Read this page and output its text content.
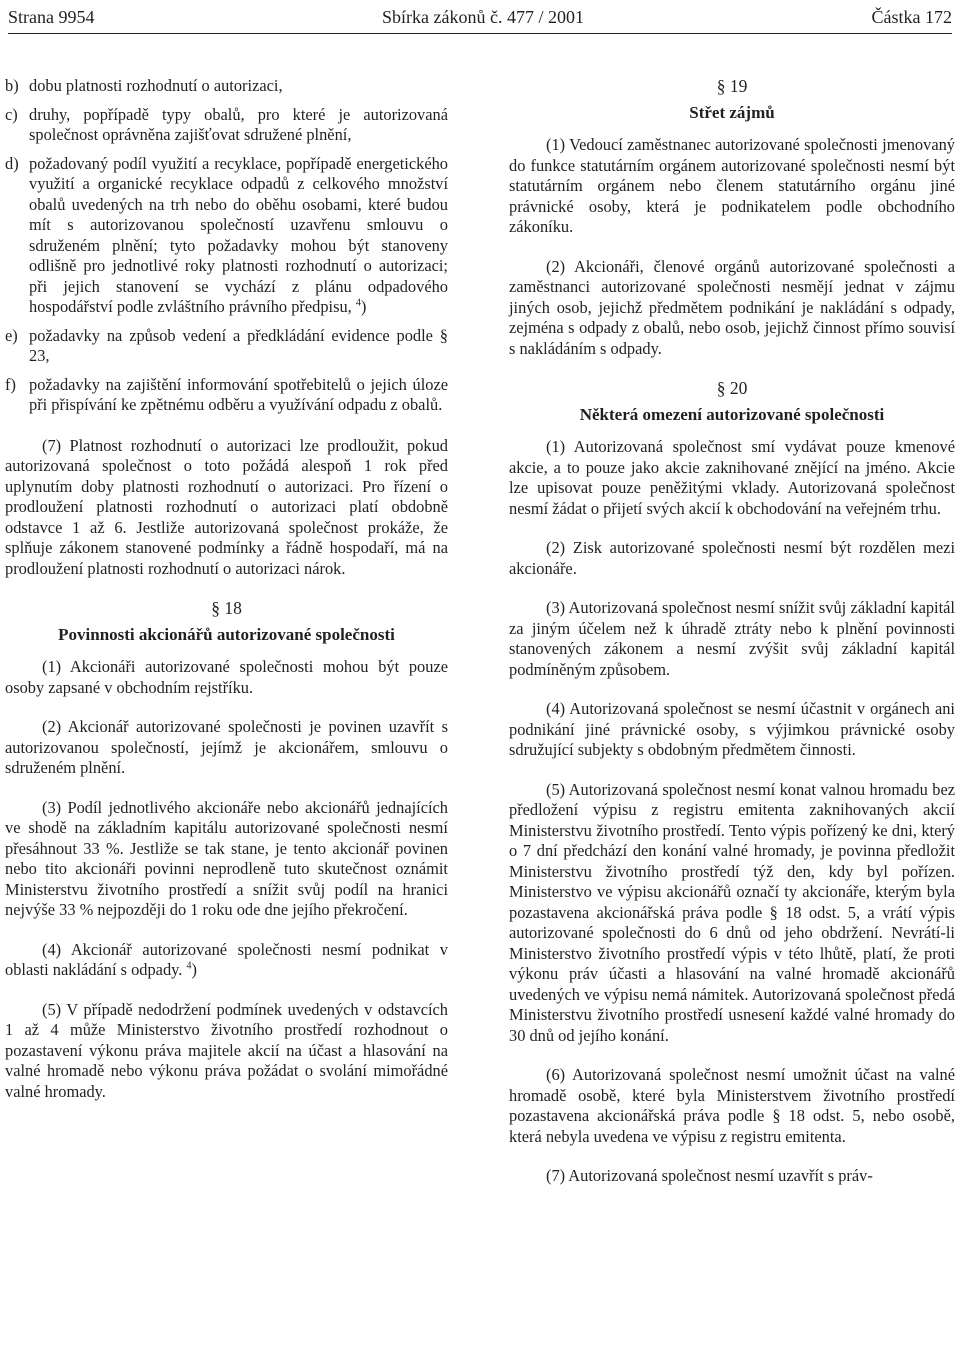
Strana 9954	Sbírka zákonů č. 477 / 2001	Částka 172
b) dobu platnosti rozhodnutí o autorizaci,

c) druhy, popřípadě typy obalů, pro které je autorizovaná společnost oprávněna zajišťovat sdružené plnění,

d) požadovaný podíl využití a recyklace, popřípadě energetického využití a organické recyklace odpadů z celkového množství obalů uvedených na trh nebo do oběhu osobami, které budou mít s autorizovanou společností uzavřenu smlouvu o sdruženém plnění; tyto požadavky mohou být stanoveny odlišně pro jednotlivé roky platnosti rozhodnutí o autorizaci; při jejich stanovení se vychází z plánu odpadového hospodářství podle zvláštního právního předpisu, $^4$)

e) požadavky na způsob vedení a předkládání evidence podle § 23,

f) požadavky na zajištění informování spotřebitelů o jejich úloze při přispívání ke zpětnému odběru a využívání odpadu z obalů.

(7) Platnost rozhodnutí o autorizaci lze prodloužit, pokud autorizovaná společnost o toto požádá alespoň 1 rok před uplynutím doby platnosti rozhodnutí o autorizaci. Pro řízení o prodloužení platnosti rozhodnutí o autorizaci platí obdobně odstavce 1 až 6. Jestliže autorizovaná společnost prokáže, že splňuje zákonem stanovené podmínky a řádně hospodaří, má na prodloužení platnosti rozhodnutí o autorizaci nárok.

§ 18

Povinnosti akcionářů autorizované společnosti

(1) Akcionáři autorizované společnosti mohou být pouze osoby zapsané v obchodním rejstříku.

(2) Akcionář autorizované společnosti je povinen uzavřít s autorizovanou společností, jejímž je akcionářem, smlouvu o sdruženém plnění.

(3) Podíl jednotlivého akcionáře nebo akcionářů jednajících ve shodě na základním kapitálu autorizované společnosti nesmí přesáhnout 33 %. Jestliže se tak stane, je tento akcionář povinen nebo tito akcionáři povinni neprodleně tuto skutečnost oznámit Ministerstvu životního prostředí a snížit svůj podíl na hranici nejvýše 33 % nejpozději do 1 roku ode dne jejího překročení.

(4) Akcionář autorizované společnosti nesmí podnikat v oblasti nakládání s odpady. $^4$)

(5) V případě nedodržení podmínek uvedených v odstavcích 1 až 4 může Ministerstvo životního prostředí rozhodnout o pozastavení výkonu práva majitele akcií na účast a hlasování na valné hromadě nebo výkonu práva požádat o svolání mimořádné valné hromady.

§ 19

Střet zájmů

(1) Vedoucí zaměstnanec autorizované společnosti jmenovaný do funkce statutárním orgánem autorizované společnosti nesmí být statutárním orgánem nebo členem statutárního orgánu jiné právnické osoby, která je podnikatelem podle obchodního zákoníku.

(2) Akcionáři, členové orgánů autorizované společnosti a zaměstnanci autorizované společnosti nesmějí jednat v zájmu jiných osob, jejichž předmětem podnikání je nakládání s odpady, zejména s odpady z obalů, nebo osob, jejichž činnost přímo souvisí s nakládáním s odpady.

§ 20

Některá omezení autorizované společnosti

(1) Autorizovaná společnost smí vydávat pouze kmenové akcie, a to pouze jako akcie zaknihované znějící na jméno. Akcie lze upisovat pouze peněžitými vklady. Autorizovaná společnost nesmí žádat o přijetí svých akcií k obchodování na veřejném trhu.

(2) Zisk autorizované společnosti nesmí být rozdělen mezi akcionáře.

(3) Autorizovaná společnost nesmí snížit svůj základní kapitál za jiným účelem než k úhradě ztráty nebo k plnění povinnosti stanovených zákonem a nesmí zvýšit svůj základní kapitál podmíněným způsobem.

(4) Autorizovaná společnost se nesmí účastnit v orgánech ani podnikání jiné právnické osoby, s výjimkou právnické osoby sdružující subjekty s obdobným předmětem činnosti.

(5) Autorizovaná společnost nesmí konat valnou hromadu bez předložení výpisu z registru emitenta zaknihovaných akcií Ministerstvu životního prostředí. Tento výpis pořízený ke dni, který o 7 dní předchází den konání valné hromady, je povinna předložit Ministerstvu životního prostředí týž den, kdy byl pořízen. Ministerstvo ve výpisu akcionářů označí ty akcionáře, kterým byla pozastavena akcionářská práva podle § 18 odst. 5, a vrátí výpis autorizované společnosti do 6 dnů od jeho obdržení. Nevrátí-li Ministerstvo životního prostředí výpis v této lhůtě, platí, že proti výkonu práv účasti a hlasování na valné hromadě akcionářů uvedených ve výpisu nemá námitek. Autorizovaná společnost předá Ministerstvu životního prostředí usnesení každé valné hromady do 30 dnů od jejího konání.

(6) Autorizovaná společnost nesmí umožnit účast na valné hromadě osobě, které byla Ministerstvem životního prostředí pozastavena akcionářská práva podle § 18 odst. 5, nebo osobě, která nebyla uvedena ve výpisu z registru emitenta.

(7) Autorizovaná společnost nesmí uzavřít s práv-
